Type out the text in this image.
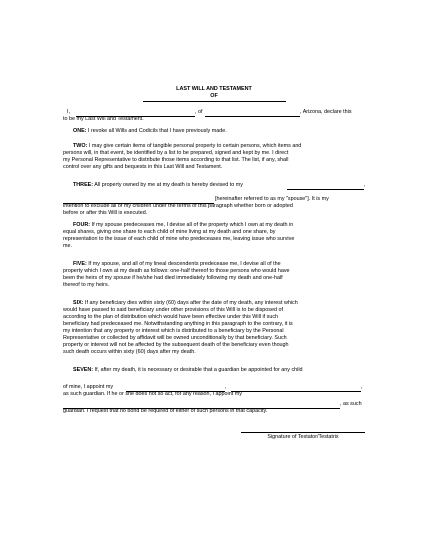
LAST WILL AND TESTAMENT
OF
I,	, of	, Arizona, declare this
to be my Last Will and Testament.
ONE: I revoke all Wills and Codicils that I have previously made.
TWO: I may give certain items of tangible personal property to certain persons, which items and
persons will, in that event, be identified by a list to be prepared, signed and kept by me. I direct
my Personal Representative to distribute those items according to that list. The list, if any, shall
control over any gifts and bequests in this Last Will and Testament.
THREE: All property owned by me at my death is hereby devised to my	,
[hereinafter referred to as my "spouse"]. It is my
intention to exclude all of my children under the terms of this paragraph whether born or adopted
before or after this Will is executed.
FOUR: If my spouse predeceases me, I devise all of the property which I own at my death in
equal shares, giving one share to each child of mine living at my death and one share, by
representation to the issue of each child of mine who predeceases me, leaving issue who survive
me.
FIVE: If my spouse, and all of my lineal descendents predecease me, I devise all of the
property which I own at my death as follows: one-half thereof to those persons who would have
been the heirs of my spouse if he/she had died immediately following my death and one-half
thereof to my heirs.
SIX: If any beneficiary dies within sixty (60) days after the date of my death, any interest which
would have passed to said beneficiary under other provisions of this Will is to be disposed of
according to the plan of distribution which would have been effective under this Will if such
beneficiary had predeceased me. Notwithstanding anything in this paragraph to the contrary, it is
my intention that any property or interest which is distributed to a beneficiary by the Personal
Representative or collected by affidavit will be owned unconditionally by that beneficiary. Such
property or interest will not be affected by the subsequent death of the beneficiary even though
such death occurs within sixty (60) days after my death.
SEVEN: If, after my death, it is necessary or desirable that a guardian be appointed for any child
of mine, I appoint my	,	,
as such guardian. If he or she does not so act, for any reason, I appoint my
, as such
guardian. I request that no bond be required of either of such persons in that capacity.
Signature of Testator/Testatrix
